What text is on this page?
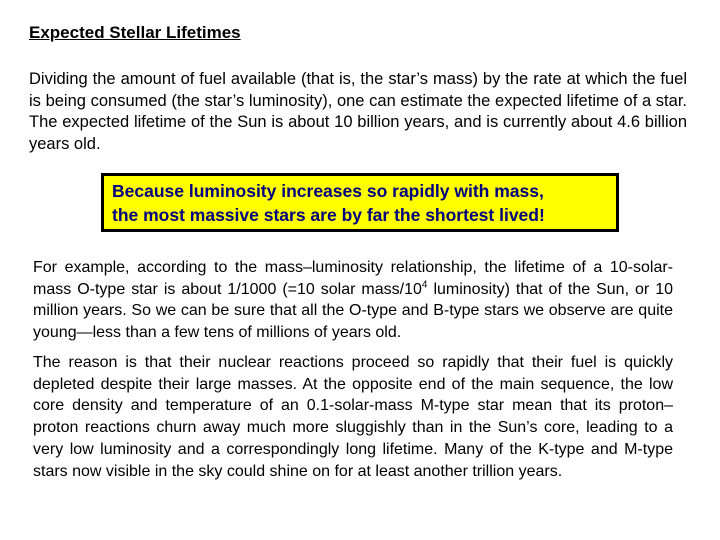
Expected Stellar Lifetimes

Dividing the amount of fuel available (that is, the star’s mass) by the rate at which the fuel is being consumed (the star’s luminosity), one can estimate the expected lifetime of a star. The expected lifetime of the Sun is about 10 billion years, and is currently about 4.6 billion years old.

Because luminosity increases so rapidly with mass,
the most massive stars are by far the shortest lived!

For example, according to the mass–luminosity relationship, the lifetime of a 10-solar-mass O-type star is about 1/1000 (=10 solar mass/$10^4$ luminosity) that of the Sun, or 10 million years. So we can be sure that all the O-type and B-type stars we observe are quite young—less than a few tens of millions of years old.

The reason is that their nuclear reactions proceed so rapidly that their fuel is quickly depleted despite their large masses. At the opposite end of the main sequence, the low core density and temperature of an 0.1-solar-mass M-type star mean that its proton–proton reactions churn away much more sluggishly than in the Sun’s core, leading to a very low luminosity and a correspondingly long lifetime. Many of the K-type and M-type stars now visible in the sky could shine on for at least another trillion years.
